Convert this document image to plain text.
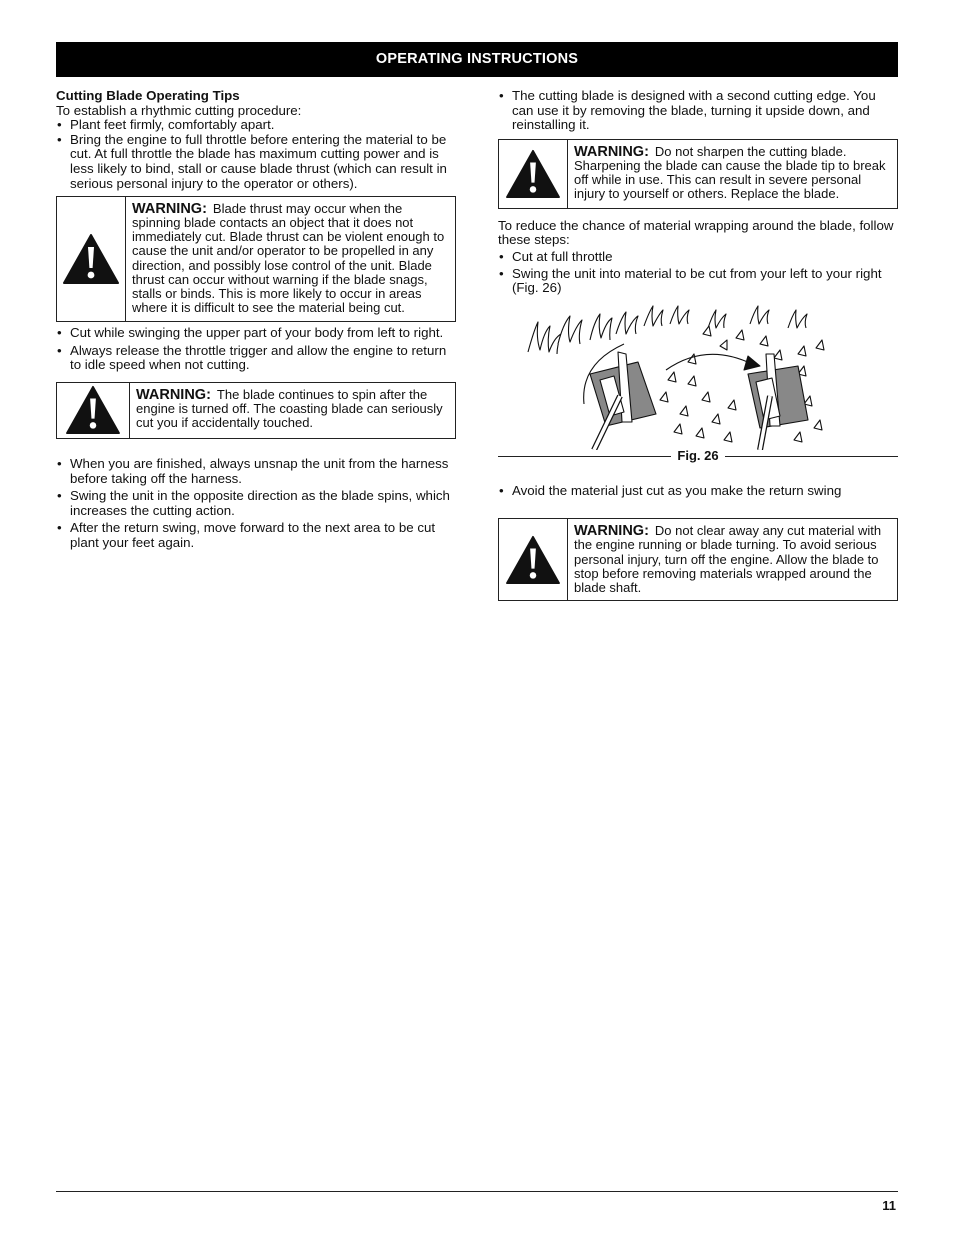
OPERATING INSTRUCTIONS

Cutting Blade Operating Tips

To establish a rhythmic cutting procedure:

• Plant feet firmly, comfortably apart.
• Bring the engine to full throttle before entering the material to be cut. At full throttle the blade has maximum cutting power and is less likely to bind, stall or cause blade thrust (which can result in serious personal injury to the operator or others).
WARNING: Blade thrust may occur when the spinning blade contacts an object that it does not immediately cut. Blade thrust can be violent enough to cause the unit and/or operator to be propelled in any direction, and possibly lose control of the unit. Blade thrust can occur without warning if the blade snags, stalls or binds. This is more likely to occur in areas where it is difficult to see the material being cut.
• Cut while swinging the upper part of your body from left to right.
• Always release the throttle trigger and allow the engine to return to idle speed when not cutting.
WARNING: The blade continues to spin after the engine is turned off. The coasting blade can seriously cut you if accidentally touched.
• When you are finished, always unsnap the unit from the harness before taking off the harness.
• Swing the unit in the opposite direction as the blade spins, which increases the cutting action.
• After the return swing, move forward to the next area to be cut plant your feet again.
• The cutting blade is designed with a second cutting edge. You can use it by removing the blade, turning it upside down, and reinstalling it.
WARNING: Do not sharpen the cutting blade. Sharpening the blade can cause the blade tip to break off while in use. This can result in severe personal injury to yourself or others. Replace the blade.

To reduce the chance of material wrapping around the blade, follow these steps:

• Cut at full throttle
• Swing the unit into material to be cut from your left to your right (Fig. 26)
Fig. 26
• Avoid the material just cut as you make the return swing
WARNING: Do not clear away any cut material with the engine running or blade turning. To avoid serious personal injury, turn off the engine. Allow the blade to stop before removing materials wrapped around the blade shaft.
11
